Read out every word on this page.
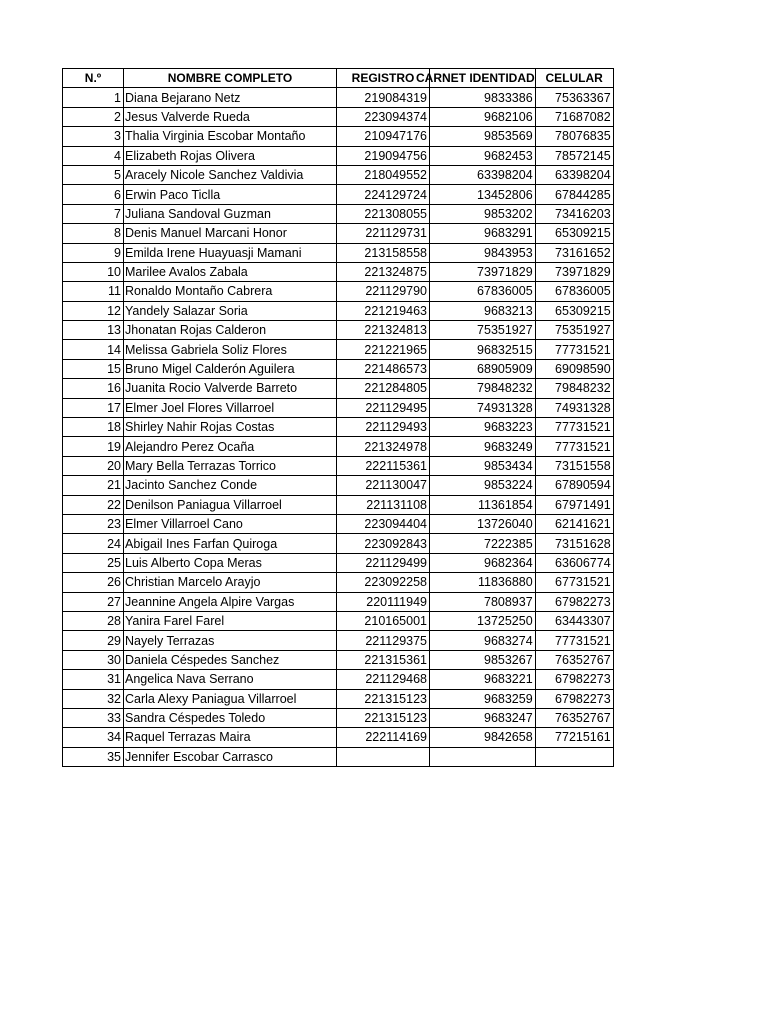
N.º	NOMBRE COMPLETO	REGISTRO	CARNET IDENTIDAD	CELULAR
1	Diana Bejarano Netz	219084319	9833386	75363367
2	Jesus Valverde Rueda	223094374	9682106	71687082
3	Thalia Virginia Escobar Montaño	210947176	9853569	78076835
4	Elizabeth Rojas Olivera	219094756	9682453	78572145
5	Aracely Nicole Sanchez Valdivia	218049552	63398204	63398204
6	Erwin Paco Ticlla	224129724	13452806	67844285
7	Juliana Sandoval Guzman	221308055	9853202	73416203
8	Denis Manuel Marcani Honor	221129731	9683291	65309215
9	Emilda Irene Huayuasji Mamani	213158558	9843953	73161652
10	Marilee Avalos Zabala	221324875	73971829	73971829
11	Ronaldo Montaño Cabrera	221129790	67836005	67836005
12	Yandely Salazar Soria	221219463	9683213	65309215
13	Jhonatan Rojas Calderon	221324813	75351927	75351927
14	Melissa Gabriela Soliz Flores	221221965	96832515	77731521
15	Bruno Migel Calderón Aguilera	221486573	68905909	69098590
16	Juanita Rocio Valverde Barreto	221284805	79848232	79848232
17	Elmer Joel Flores Villarroel	221129495	74931328	74931328
18	Shirley Nahir Rojas Costas	221129493	9683223	77731521
19	Alejandro Perez Ocaña	221324978	9683249	77731521
20	Mary Bella Terrazas Torrico	222115361	9853434	73151558
21	Jacinto Sanchez Conde	221130047	9853224	67890594
22	Denilson Paniagua Villarroel	221131108	11361854	67971491
23	Elmer Villarroel Cano	223094404	13726040	62141621
24	Abigail Ines Farfan Quiroga	223092843	7222385	73151628
25	Luis Alberto Copa Meras	221129499	9682364	63606774
26	Christian Marcelo Arayjo	223092258	11836880	67731521
27	Jeannine Angela Alpire Vargas	220111949	7808937	67982273
28	Yanira Farel Farel	210165001	13725250	63443307
29	Nayely Terrazas	221129375	9683274	77731521
30	Daniela Céspedes Sanchez	221315361	9853267	76352767
31	Angelica Nava Serrano	221129468	9683221	67982273
32	Carla Alexy Paniagua Villarroel	221315123	9683259	67982273
33	Sandra Céspedes Toledo	221315123	9683247	76352767
34	Raquel Terrazas Maira	222114169	9842658	77215161
35	Jennifer Escobar Carrasco			
